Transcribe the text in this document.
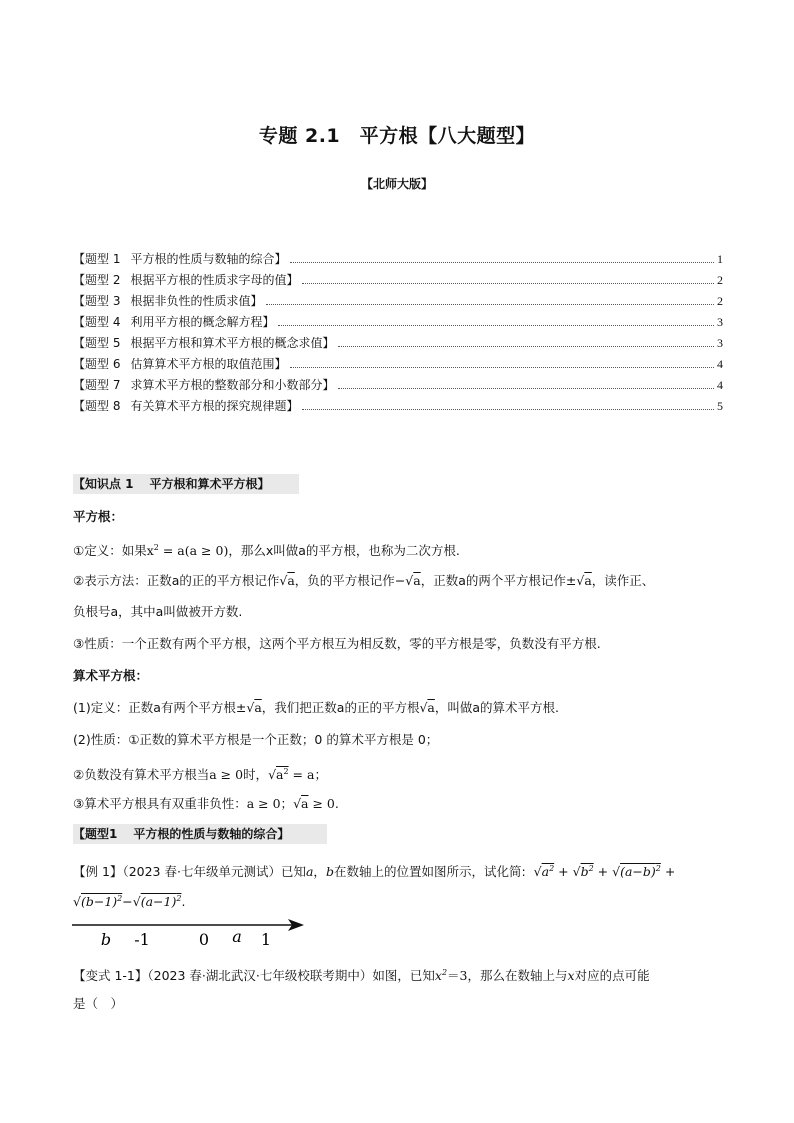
专题 2.1　平方根【八大题型】
【北师大版】
【题型 1 平方根的性质与数轴的综合】	1
【题型 2 根据平方根的性质求字母的值】	2
【题型 3 根据非负性的性质求值】	2
【题型 4 利用平方根的概念解方程】	3
【题型 5 根据平方根和算术平方根的概念求值】	3
【题型 6 估算算术平方根的取值范围】	4
【题型 7 求算术平方根的整数部分和小数部分】	4
【题型 8 有关算术平方根的探究规律题】	5
【知识点 1 平方根和算术平方根】
平方根：
①定义：如果$x^2 = a(a \ge 0)$，那么x叫做a的平方根，也称为二次方根.
②表示方法：正数a的正的平方根记作√a，负的平方根记作−√a，正数a的两个平方根记作±√a，读作正、
负根号a，其中a叫做被开方数.
③性质：一个正数有两个平方根，这两个平方根互为相反数，零的平方根是零，负数没有平方根.
算术平方根：
(1)定义：正数a有两个平方根±√a，我们把正数a的正的平方根√a，叫做a的算术平方根.
(2)性质：①正数的算术平方根是一个正数；0 的算术平方根是 0；
②负数没有算术平方根当a ≥ 0时，$√a^2 = a$；
③算术平方根具有双重非负性：a ≥ 0；√a ≥ 0.
【题型1 平方根的性质与数轴的综合】
【例 1】（2023 春·七年级单元测试）已知a，b在数轴上的位置如图所示，试化简: $√a^2 + √b^2 + √(a-b)^2$ +
$√(b-1)^2-√(a-1)^2$.
b -1	0 a 1
【变式 1-1】（2023 春·湖北武汉·七年级校联考期中）如图，已知$x^2=3$，那么在数轴上与x对应的点可能
是（　）
